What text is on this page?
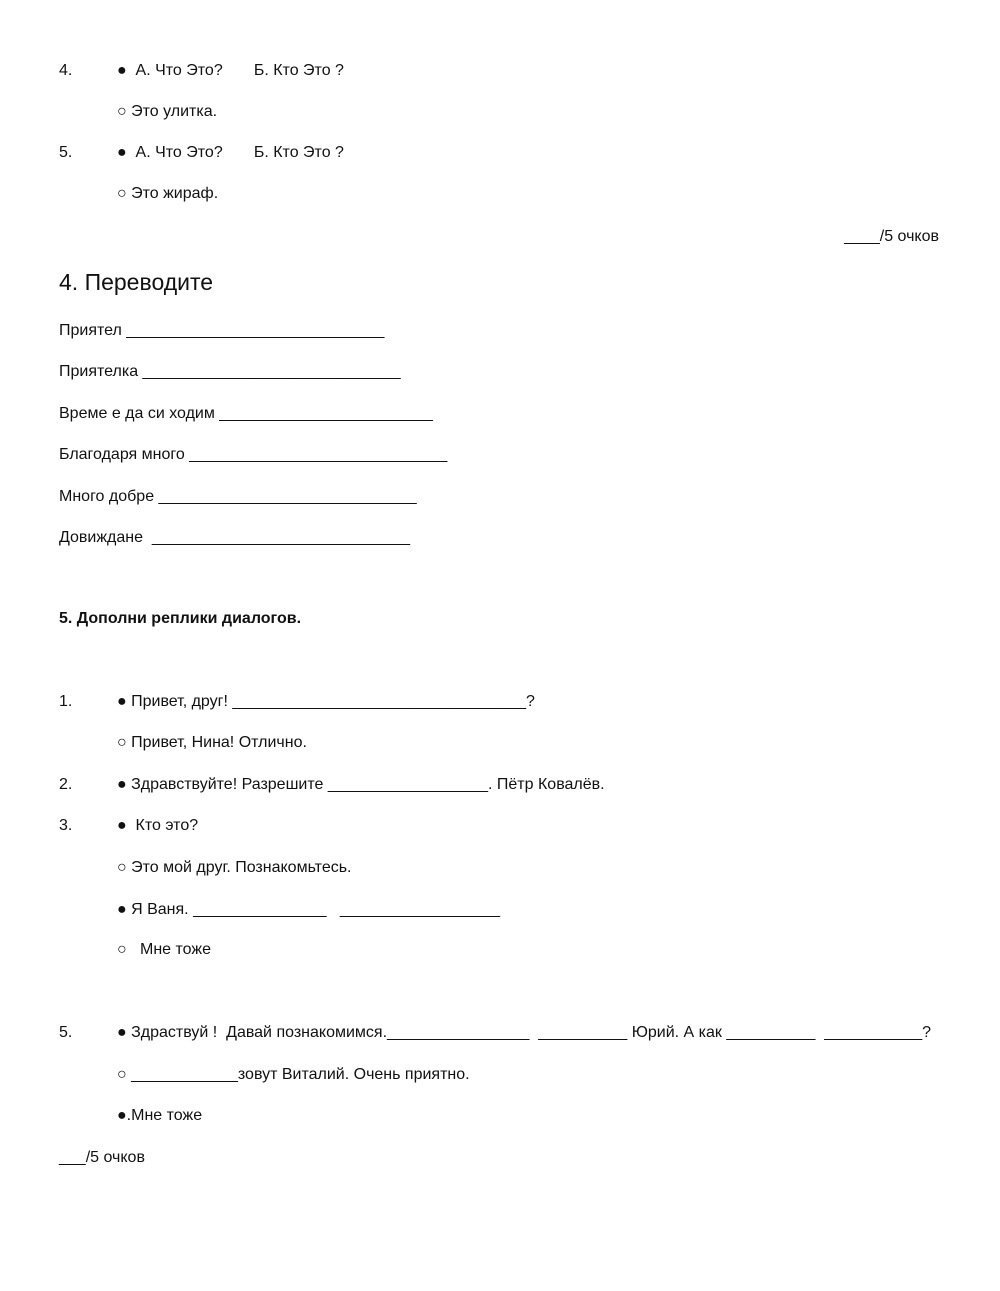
4.	●  А. Что Это?       Б. Кто Это ?
○ Это улитка.
5.	●  А. Что Это?       Б. Кто Это ?
○ Это жираф.
____/5 очков
4. Переводите
Приятел _____________________________
Приятелка _____________________________
Време е да си ходим ________________________
Благодаря много _____________________________
Много добре _____________________________
Довиждане  _____________________________
5. Дополни реплики диалогов.
1.	● Привет, друг! _________________________________?
○ Привет, Нина! Отлично.
2.	● Здравствуйте! Разрешите __________________. Пётр Ковалёв.
3.	●  Кто это?
○ Это мой друг. Познакомьтесь.
● Я Ваня. _______________   __________________
○   Мне тоже
5.	● Здраствуй !  Давай познакомимся.________________  __________ Юрий. А как __________  ___________?
○ ____________зовут Виталий. Очень приятно.
●.Мне тоже
___/5 очков
